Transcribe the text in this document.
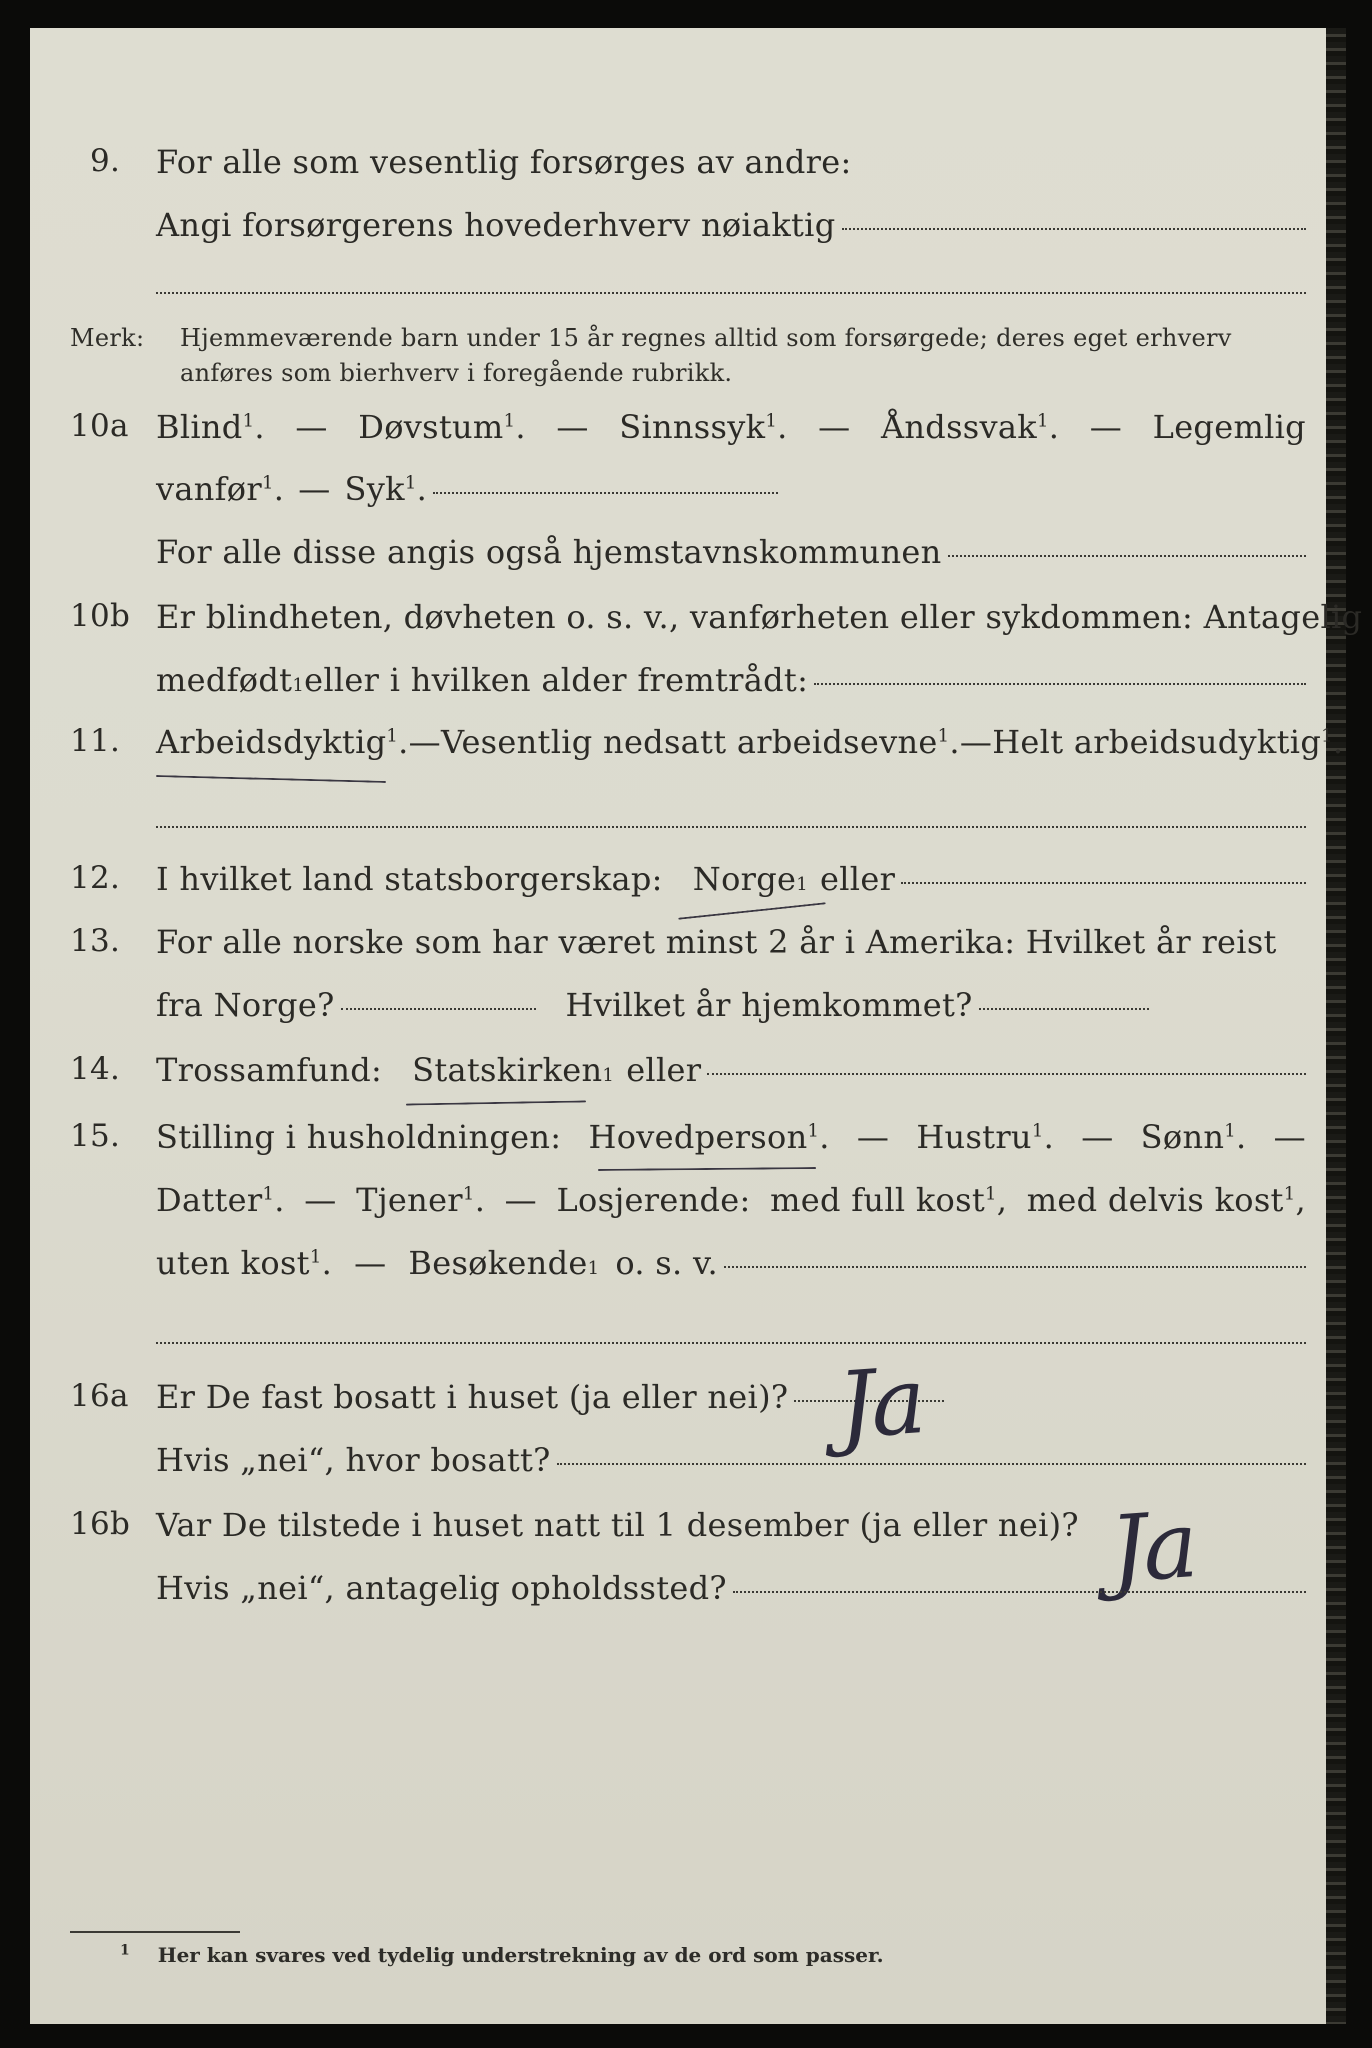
9. For alle som vesentlig forsørges av andre:
Angi forsørgerens hovederhverv nøiaktig
Merk: Hjemmeværende barn under 15 år regnes alltid som forsørgede; deres eget erhverv
anføres som bierhverv i foregående rubrikk.
10a Blind$^1$. — Døvstum$^1$. — Sinnssyk$^1$. — Åndssvak$^1$. — Legemlig
vanfør$^1$. — Syk$^1$.
For alle disse angis også hjemstavnskommunen
10b Er blindheten, døvheten o. s. v., vanførheten eller sykdommen: Antagelig
medfødt 1 eller i hvilken alder fremtrådt:
11. Arbeidsdyktig$^1$. — Vesentlig nedsatt arbeidsevne$^1$. — Helt arbeidsudyktig$^1$.
12. I hvilket land statsborgerskap: Norge 1 eller
13. For alle norske som har været minst 2 år i Amerika: Hvilket år reist
fra Norge?	Hvilket år hjemkommet?
14. Trossamfund: Statskirken 1 eller
15. Stilling i husholdningen: Hovedperson$^1$. — Hustru$^1$. — Sønn$^1$. —
Datter$^1$. — Tjener$^1$. — Losjerende: med full kost$^1$, med delvis kost$^1$,
uten kost$^1$. — Besøkende 1 o. s. v.
16a Er De fast bosatt i huset (ja eller nei)? Ja
Hvis „nei“, hvor bosatt?
16b Var De tilstede i huset natt til 1 desember (ja eller nei)? Ja
Hvis „nei“, antagelig opholdssted?
$^1$ Her kan svares ved tydelig understrekning av de ord som passer.
